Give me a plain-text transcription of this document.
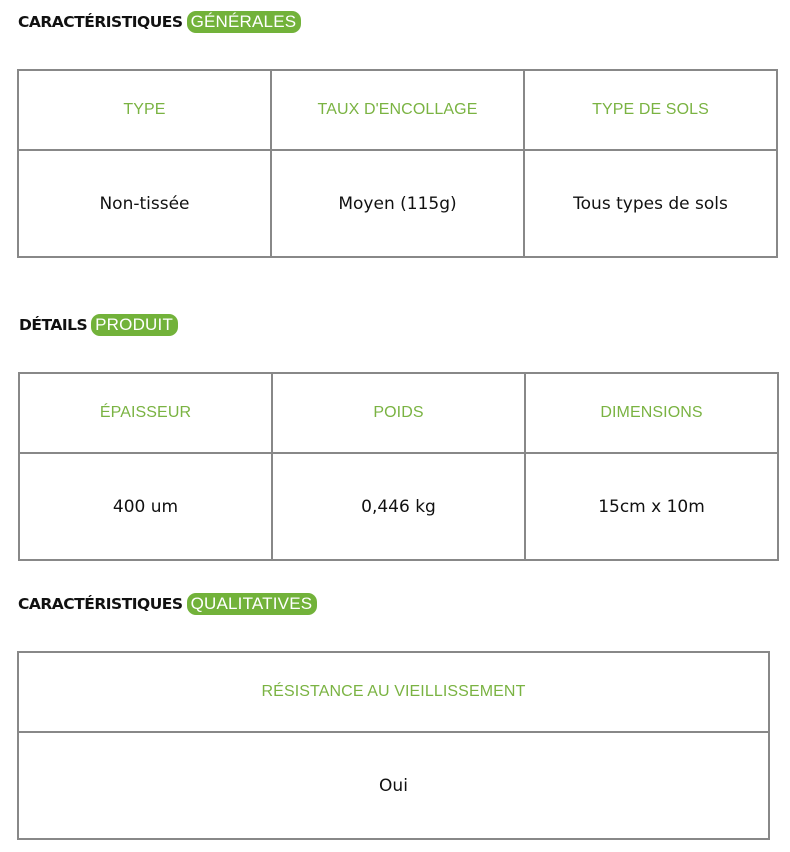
CARACTÉRISTIQUES GÉNÉRALES
TYPE	TAUX D'ENCOLLAGE	TYPE DE SOLS
Non-tissée	Moyen (115g)	Tous types de sols
DÉTAILS PRODUIT
ÉPAISSEUR	POIDS	DIMENSIONS
400 um	0,446 kg	15cm x 10m
CARACTÉRISTIQUES QUALITATIVES
RÉSISTANCE AU VIEILLISSEMENT
Oui
